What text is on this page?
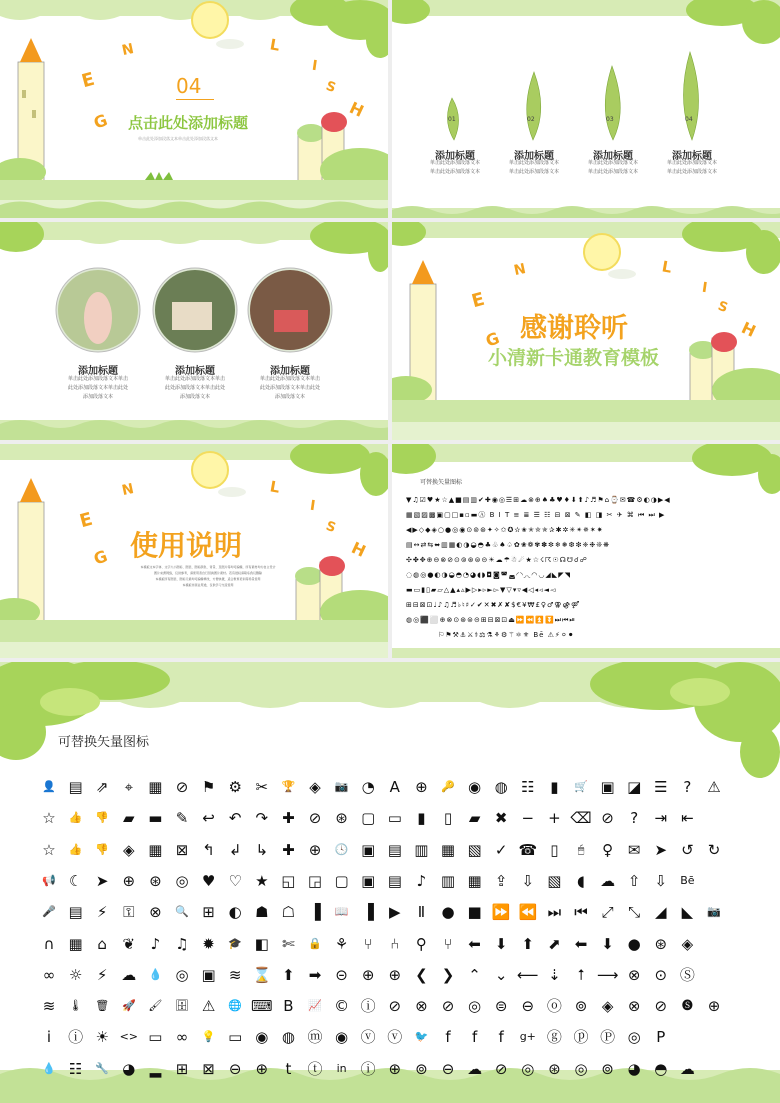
E
N
G
L
I
S
H
04
点击此处添加标题
单击此处添加段落文本单击此处添加段落文本
01	02	03	04
添加标题
单击此处添加段落文本
单击此处添加段落文本
添加标题
单击此处添加段落文本
单击此处添加段落文本
添加标题
单击此处添加段落文本
单击此处添加段落文本
添加标题
单击此处添加段落文本
单击此处添加段落文本
添加标题
单击此处添加段落文本单击
此处添加段落文本单击此处
添加段落文本
添加标题
单击此处添加段落文本单击
此处添加段落文本单击此处
添加段落文本
添加标题
单击此处添加段落文本单击
此处添加段落文本单击此处
添加段落文本
E
N
G
L
I
S
H
感谢聆听
小清新卡通教育模板
E
N
G
L
I
S
H
使用说明
本模板文本字体、文字大小图标、图表、图标颜色、背景、及图片等均可编辑，所有素材均为自主设计
图片来源网络，仅供参考，请使用者自行替换图片素材。若有侵权请联系我们删除
本模板所有图表、图标元素均可编辑修改，方便快捷，适合教育培训等场景使用
本模板非商业用途，仅供学习交流使用
可替换矢量图标
▼♫☑♥★☆▲■▤▥✔✚◉◎☰⊞☁⊗⊕♠♣♥♦⬇⬆♪♬⚑⌂⌚✉☎⚙◐◑▶◀
▦▧▨▩▣▢□▪▫▬Ⓐ B I T ≡ ≣ ☰ ☷ ⊟ ⊠ ✎ ◧ ◨ ✂ ✈ ⌘ ⏮ ⏭ ▶
◀▶◇◆◈○●◎◉⊙⊚⊛✦✧✩✪✫✬✭✮✯✰✱✲✳✴✵✶✷
▤↔⇄⇆⬌▥▦◐◑◒◓♣♧♠♤✿❀❁✾✽✼❄❅❆❇❈❉❊❋
✣✤✥⊕⊖⊗⊘⊙⊚⊛⊜⊝☀☁☂☃☄★☆☇☈☉☊☋☌☍
◌◍◎●◐◑◒◓◔◕◖◗◘◙◚◛◜◝◞◟◠◡◢◣◤◥
▬▭▮▯▰▱△▲▴▵▶▷▸▹►▻▼▽▾▿◀◁◂◃◄◅
⊞⊟⊠⊡♩♪♫♬♭♮♯✓✔✕✖✗✘$€¥₩£♀♂⚢⚣⚤
◍◎⬛⬜⊕⊗⊙⊛⊜⊝⊞⊟⊠⊡⏏⏩⏪⏫⏬⏭⏮⏯
⚐⚑⚒⚓⚔⚕⚖⚗⚘⚙⚚⚛⚜ Bē ⚠⚡⚪⚫
可替换矢量图标
👤 ▤ ⇗	⌖	▦ ⊘ ⚑ ⚙ ✂	🏆 ◈	📷 ◔ A	⊕	🔑 ◉ ◍ ☷	▮	🛒 ▣ ◪ ☰	?	⚠
☆	👍	👎 ▰ ▬ ✎ ↩ ↶ ↷ ✚ ⊘ ⊛ ▢ ▭	▮	▯	▰ ✖ − + ⌫ ⊘	?	⇥ ⇤
☆	👍	👎 ◈ ▦ ⊠ ↰ ↲ ↳ ✚ ⊕	🕓 ▣ ▤ ▥ ▦ ▧ ✓ ☎ ▯	🖱	♀ ✉ ➤ ↺ ↻
📢 ☾ ➤ ⊕ ⊛ ◎ ♥ ♡ ★ ◱ ◲ ▢ ▣ ▤ ♪ ▥ ▦ ⇪ ⇩ ▧	◖	☁ ⇧ ⇩	Bē
🎤 ▤ ⚡	⚿ ⊗	🔍 ⊞ ◐ ☗ ☖ ▐	📖 ▐	▶	Ⅱ	● ■ ⏩ ⏪ ⏭ ⏮ ⤢ ⤡ ◢	◣	📷
∩ ▦ ⌂	❦	♪	♫ ✹	🎓 ◧ ✄	🔒 ⚘	⑂	⑃	⚲	⑂	⬅ ⬇ ⬆ ⬈ ⬅ ⬇ ● ⊛ ◈
∞ ☼ ⚡ ☁	💧 ◎ ▣ ≋ ⌛ ⬆ ➡ ⊝ ⊕ ⊕ ❮ ❯ ⌃ ⌄ ⟵ ⇣	⭡ ⟶ ⊗ ⊙ Ⓢ
≋	🌡	🗑	🚀	🖌	🗄 ⚠	🌐 ⌨ B	📈 © ⓘ ⊘ ⊗ ⊘ ◎ ⊜ ⊖ ⓞ ⊚ ◈ ⊗ ⊘	🅢 ⊕
i	ⓘ ☀ <> ▭ ∞	💡 ▭ ◉ ◍ ⓜ ◉ ⓥ ⓥ	🐦	f	f	f	g+ ⓖ ⓟ Ⓟ ◎	P
💧 ☷	🔧 ◕ ▂ ⊞ ⊠ ⊖ ⊕	t	ⓣ	in ⓘ ⊕ ⊚ ⊖ ☁ ⊘ ◎ ⊛ ◎ ⊚ ◕ ◓ ☁
